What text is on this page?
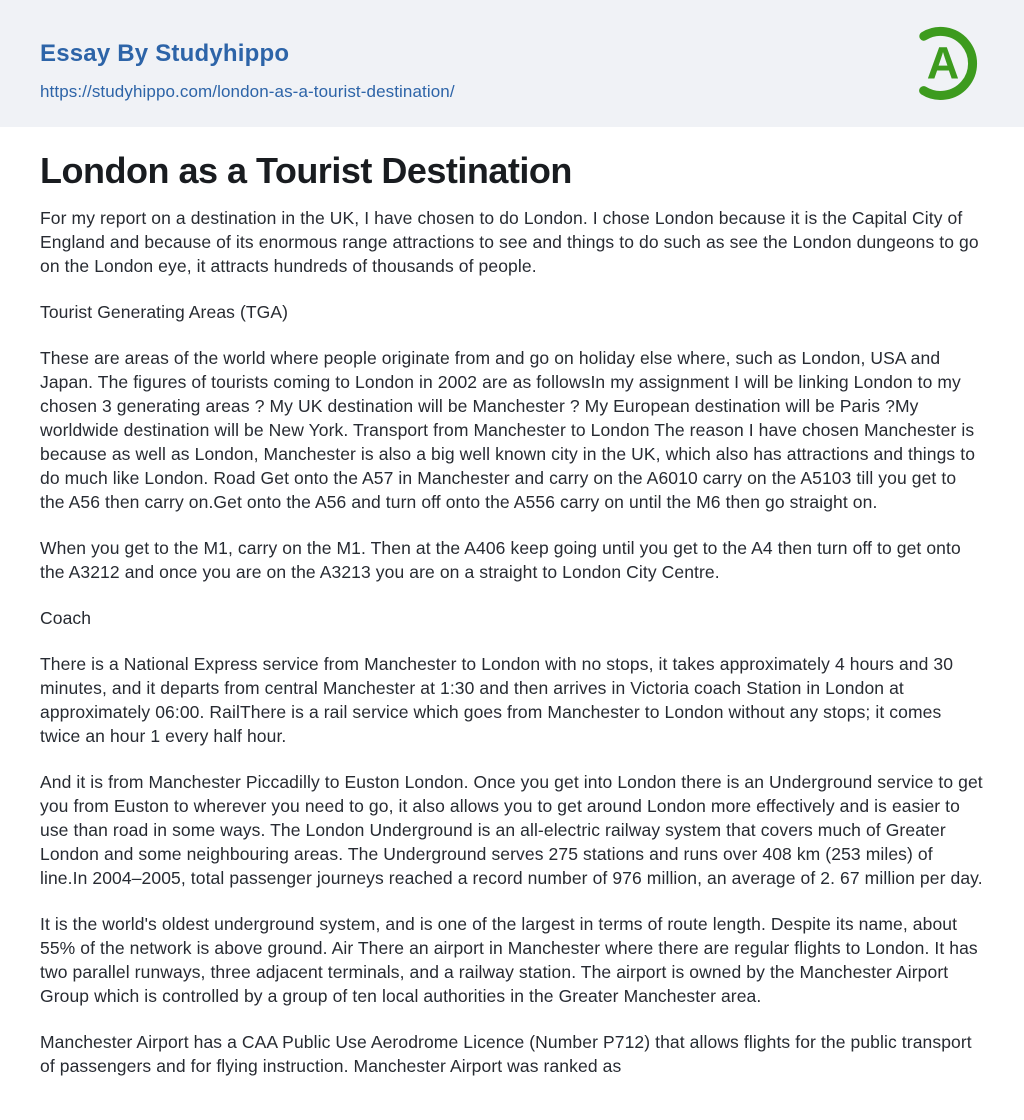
Essay By Studyhippo
https://studyhippo.com/london-as-a-tourist-destination/
A
London as a Tourist Destination

For my report on a destination in the UK, I have chosen to do London. I chose London because it is the Capital City of England and because of its enormous range attractions to see and things to do such as see the London dungeons to go on the London eye, it attracts hundreds of thousands of people.

Tourist Generating Areas (TGA)

These are areas of the world where people originate from and go on holiday else where, such as London, USA and Japan. The figures of tourists coming to London in 2002 are as followsIn my assignment I will be linking London to my chosen 3 generating areas ? My UK destination will be Manchester ? My European destination will be Paris ?My worldwide destination will be New York. Transport from Manchester to London The reason I have chosen Manchester is because as well as London, Manchester is also a big well known city in the UK, which also has attractions and things to do much like London. Road Get onto the A57 in Manchester and carry on the A6010 carry on the A5103 till you get to the A56 then carry on.Get onto the A56 and turn off onto the A556 carry on until the M6 then go straight on.

When you get to the M1, carry on the M1. Then at the A406 keep going until you get to the A4 then turn off to get onto the A3212 and once you are on the A3213 you are on a straight to London City Centre.

Coach

There is a National Express service from Manchester to London with no stops, it takes approximately 4 hours and 30 minutes, and it departs from central Manchester at 1:30 and then arrives in Victoria coach Station in London at approximately 06:00. RailThere is a rail service which goes from Manchester to London without any stops; it comes twice an hour 1 every half hour.

And it is from Manchester Piccadilly to Euston London. Once you get into London there is an Underground service to get you from Euston to wherever you need to go, it also allows you to get around London more effectively and is easier to use than road in some ways. The London Underground is an all-electric railway system that covers much of Greater London and some neighbouring areas. The Underground serves 275 stations and runs over 408 km (253 miles) of line.In 2004–2005, total passenger journeys reached a record number of 976 million, an average of 2. 67 million per day.

It is the world's oldest underground system, and is one of the largest in terms of route length. Despite its name, about 55% of the network is above ground. Air There an airport in Manchester where there are regular flights to London. It has two parallel runways, three adjacent terminals, and a railway station. The airport is owned by the Manchester Airport Group which is controlled by a group of ten local authorities in the Greater Manchester area.

Manchester Airport has a CAA Public Use Aerodrome Licence (Number P712) that allows flights for the public transport of passengers and for flying instruction. Manchester Airport was ranked as
